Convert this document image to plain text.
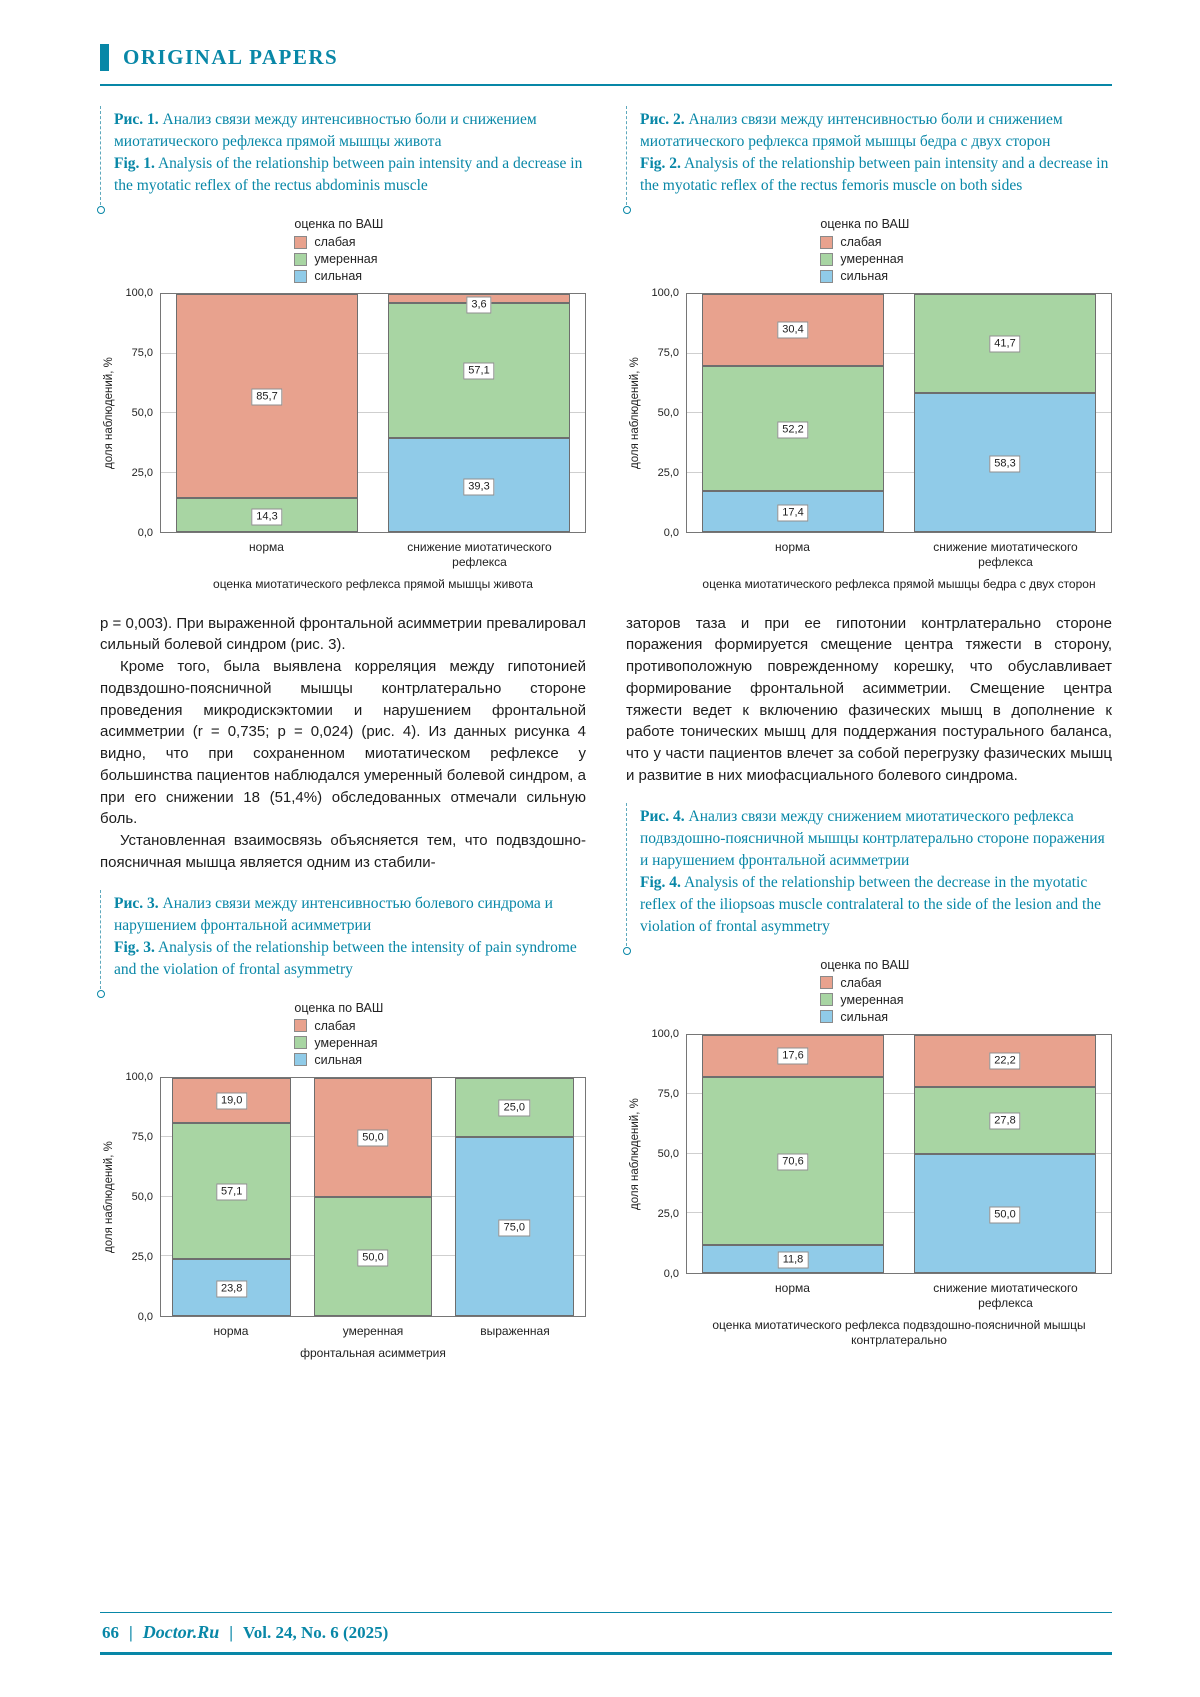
ORIGINAL PAPERS

Рис. 1. Анализ связи между интенсивностью боли и снижением миотатического рефлекса прямой мышцы живота

Fig. 1. Analysis of the relationship between pain intensity and a decrease in the myotatic reflex of the rectus abdominis muscle

оценка по ВАШ
слабая
умеренная
сильная
доля наблюдений, %
0,0
25,0
50,0
75,0
100,0
14,3
85,7
39,3
57,1
3,6
норма	снижение миотатического рефлекса
оценка миотатического рефлекса прямой мышцы живота

р = 0,003). При выраженной фронтальной асимметрии превалировал сильный болевой синдром (рис. 3).

Кроме того, была выявлена корреляция между гипотонией подвздошно-поясничной мышцы контрлатерально стороне проведения микродискэктомии и нарушением фронтальной асимметрии (r = 0,735; p = 0,024) (рис. 4). Из данных рисунка 4 видно, что при сохраненном миотатическом рефлексе у большинства пациентов наблюдался умеренный болевой синдром, а при его снижении 18 (51,4%) обследованных отмечали сильную боль.

Установленная взаимосвязь объясняется тем, что подвздошно-поясничная мышца является одним из стабили-

Рис. 3. Анализ связи между интенсивностью болевого синдрома и нарушением фронтальной асимметрии

Fig. 3. Analysis of the relationship between the intensity of pain syndrome and the violation of frontal asymmetry

оценка по ВАШ
слабая
умеренная
сильная
доля наблюдений, %
0,0
25,0
50,0
75,0
100,0
23,8
57,1
19,0
50,0
50,0
75,0
25,0
норма	умеренная	выраженная
фронтальная асимметрия

Рис. 2. Анализ связи между интенсивностью боли и снижением миотатического рефлекса прямой мышцы бедра с двух сторон

Fig. 2. Analysis of the relationship between pain intensity and a decrease in the myotatic reflex of the rectus femoris muscle on both sides

оценка по ВАШ
слабая
умеренная
сильная
доля наблюдений, %
0,0
25,0
50,0
75,0
100,0
17,4
52,2
30,4
58,3
41,7
норма	снижение миотатического рефлекса
оценка миотатического рефлекса прямой мышцы бедра с двух сторон

заторов таза и при ее гипотонии контрлатерально стороне поражения формируется смещение центра тяжести в сторону, противоположную поврежденному корешку, что обуславливает формирование фронтальной асимметрии. Смещение центра тяжести ведет к включению фазических мышц в дополнение к работе тонических мышц для поддержания постурального баланса, что у части пациентов влечет за собой перегрузку фазических мышц и развитие в них миофасциального болевого синдрома.

Рис. 4. Анализ связи между снижением миотатического рефлекса подвздошно-поясничной мышцы контрлатерально стороне поражения и нарушением фронтальной асимметрии

Fig. 4. Analysis of the relationship between the decrease in the myotatic reflex of the iliopsoas muscle contralateral to the side of the lesion and the violation of frontal asymmetry

оценка по ВАШ
слабая
умеренная
сильная
доля наблюдений, %
0,0
25,0
50,0
75,0
100,0
11,8
70,6
17,6
50,0
27,8
22,2
норма	снижение миотатического рефлекса
оценка миотатического рефлекса подвздошно-поясничной мышцы контрлатерально
66 | Doctor.Ru | Vol. 24, No. 6 (2025)
